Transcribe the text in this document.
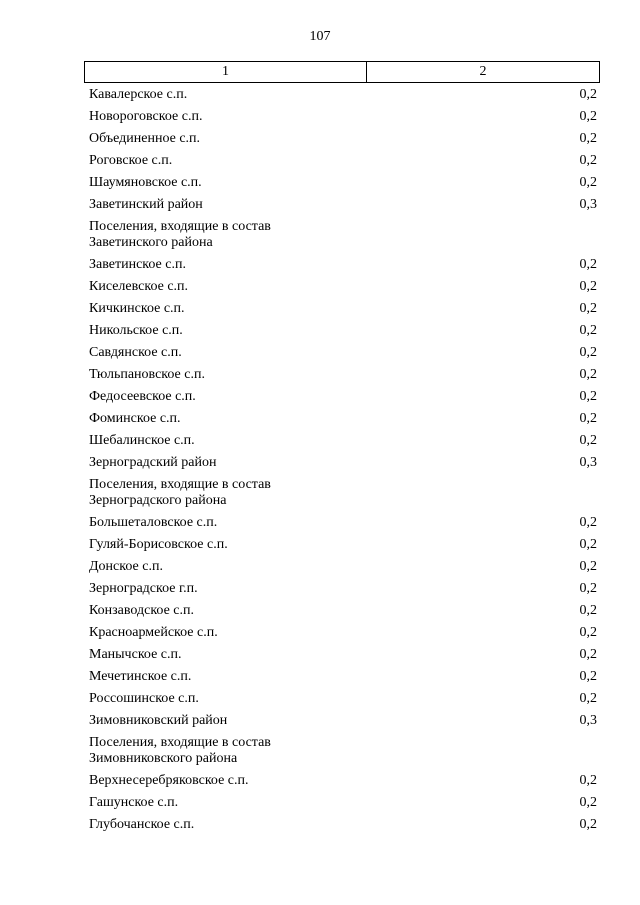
107
1	2
Кавалерское с.п.	0,2
Новороговское с.п.	0,2
Объединенное с.п.	0,2
Роговское с.п.	0,2
Шаумяновское с.п.	0,2
Заветинский район	0,3
Поселения, входящие в состав
Заветинского района
Заветинское с.п.	0,2
Киселевское с.п.	0,2
Кичкинское с.п.	0,2
Никольское с.п.	0,2
Савдянское с.п.	0,2
Тюльпановское с.п.	0,2
Федосеевское с.п.	0,2
Фоминское с.п.	0,2
Шебалинское с.п.	0,2
Зерноградский район	0,3
Поселения, входящие в состав
Зерноградского района
Большеталовское с.п.	0,2
Гуляй-Борисовское с.п.	0,2
Донское с.п.	0,2
Зерноградское г.п.	0,2
Конзаводское с.п.	0,2
Красноармейское с.п.	0,2
Манычское с.п.	0,2
Мечетинское с.п.	0,2
Россошинское с.п.	0,2
Зимовниковский район	0,3
Поселения, входящие в состав
Зимовниковского района
Верхнесеребряковское с.п.	0,2
Гашунское с.п.	0,2
Глубочанское с.п.	0,2
